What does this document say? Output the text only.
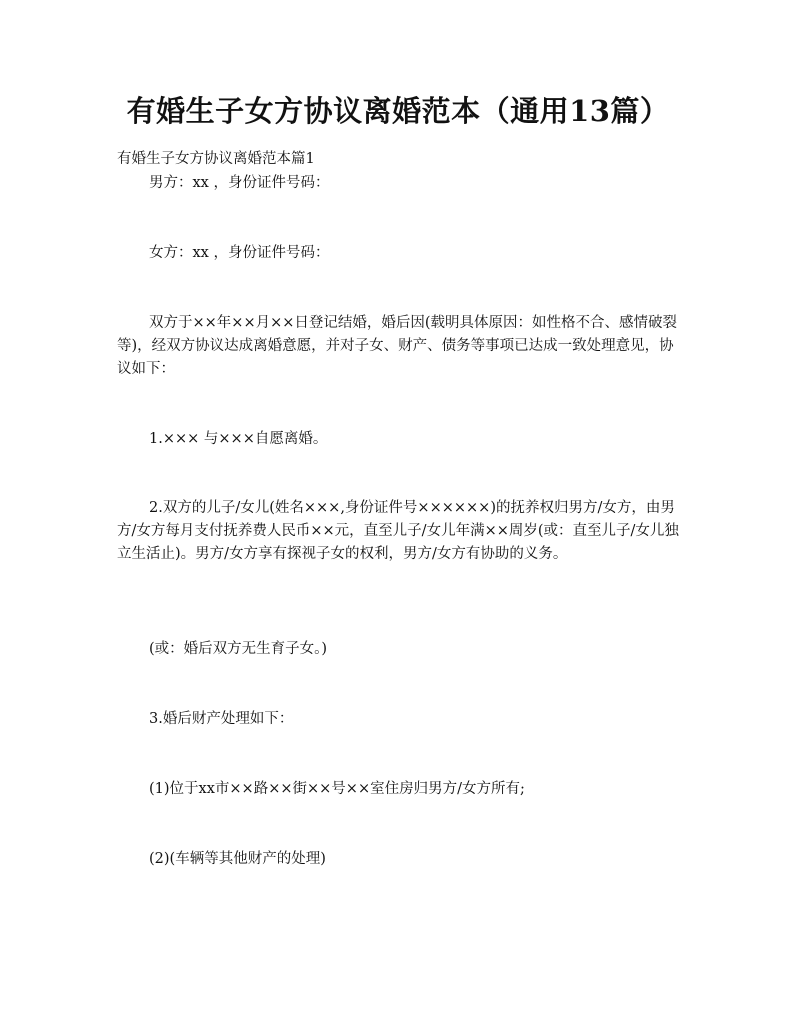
有婚生子女方协议离婚范本（通用13篇）

有婚生子女方协议离婚范本篇1

男方：xx ，身份证件号码：

女方：xx ，身份证件号码：

双方于××年××月××日登记结婚，婚后因(载明具体原因：如性格不合、感情破裂等)，经双方协议达成离婚意愿，并对子女、财产、债务等事项已达成一致处理意见，协议如下：

1.××× 与×××自愿离婚。

2.双方的儿子/女儿(姓名×××,身份证件号××××××)的抚养权归男方/女方，由男方/女方每月支付抚养费人民币××元，直至儿子/女儿年满××周岁(或：直至儿子/女儿独立生活止)。男方/女方享有探视子女的权利，男方/女方有协助的义务。

(或：婚后双方无生育子女。)

3.婚后财产处理如下：

(1)位于xx市××路××街××号××室住房归男方/女方所有;

(2)(车辆等其他财产的处理)
